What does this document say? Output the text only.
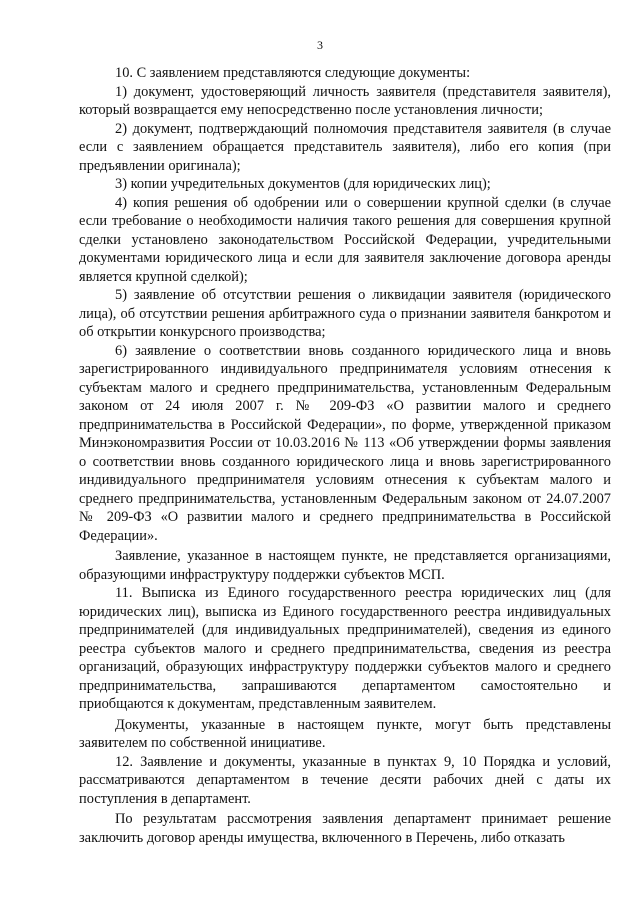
3

10. С заявлением представляются следующие документы:

1) документ, удостоверяющий личность заявителя (представителя заявителя), который возвращается ему непосредственно после установления личности;

2) документ, подтверждающий полномочия представителя заявителя (в случае если с заявлением обращается представитель заявителя), либо его копия (при предъявлении оригинала);

3) копии учредительных документов (для юридических лиц);

4) копия решения об одобрении или о совершении крупной сделки (в случае если требование о необходимости наличия такого решения для совершения крупной сделки установлено законодательством Российской Федерации, учредительными документами юридического лица и если для заявителя заключение договора аренды является крупной сделкой);

5) заявление об отсутствии решения о ликвидации заявителя (юридического лица), об отсутствии решения арбитражного суда о признании заявителя банкротом и об открытии конкурсного производства;

6) заявление о соответствии вновь созданного юридического лица и вновь зарегистрированного индивидуального предпринимателя условиям отнесения к субъектам малого и среднего предпринимательства, установленным Федеральным законом от 24 июля 2007 г. № 209-ФЗ «О развитии малого и среднего предпринимательства в Российской Федерации», по форме, утвержденной приказом Минэкономразвития России от 10.03.2016 № 113 «Об утверждении формы заявления о соответствии вновь созданного юридического лица и вновь зарегистрированного индивидуального предпринимателя условиям отнесения к субъектам малого и среднего предпринимательства, установленным Федеральным законом от 24.07.2007 № 209-ФЗ «О развитии малого и среднего предпринимательства в Российской Федерации».

Заявление, указанное в настоящем пункте, не представляется организациями, образующими инфраструктуру поддержки субъектов МСП.

11. Выписка из Единого государственного реестра юридических лиц (для юридических лиц), выписка из Единого государственного реестра индивидуальных предпринимателей (для индивидуальных предпринимателей), сведения из единого реестра субъектов малого и среднего предпринимательства, сведения из реестра организаций, образующих инфраструктуру поддержки субъектов малого и среднего предпринимательства, запрашиваются департаментом самостоятельно и приобщаются к документам, представленным заявителем.

Документы, указанные в настоящем пункте, могут быть представлены заявителем по собственной инициативе.

12. Заявление и документы, указанные в пунктах 9, 10 Порядка и условий, рассматриваются департаментом в течение десяти рабочих дней с даты их поступления в департамент.

По результатам рассмотрения заявления департамент принимает решение заключить договор аренды имущества, включенного в Перечень, либо отказать
